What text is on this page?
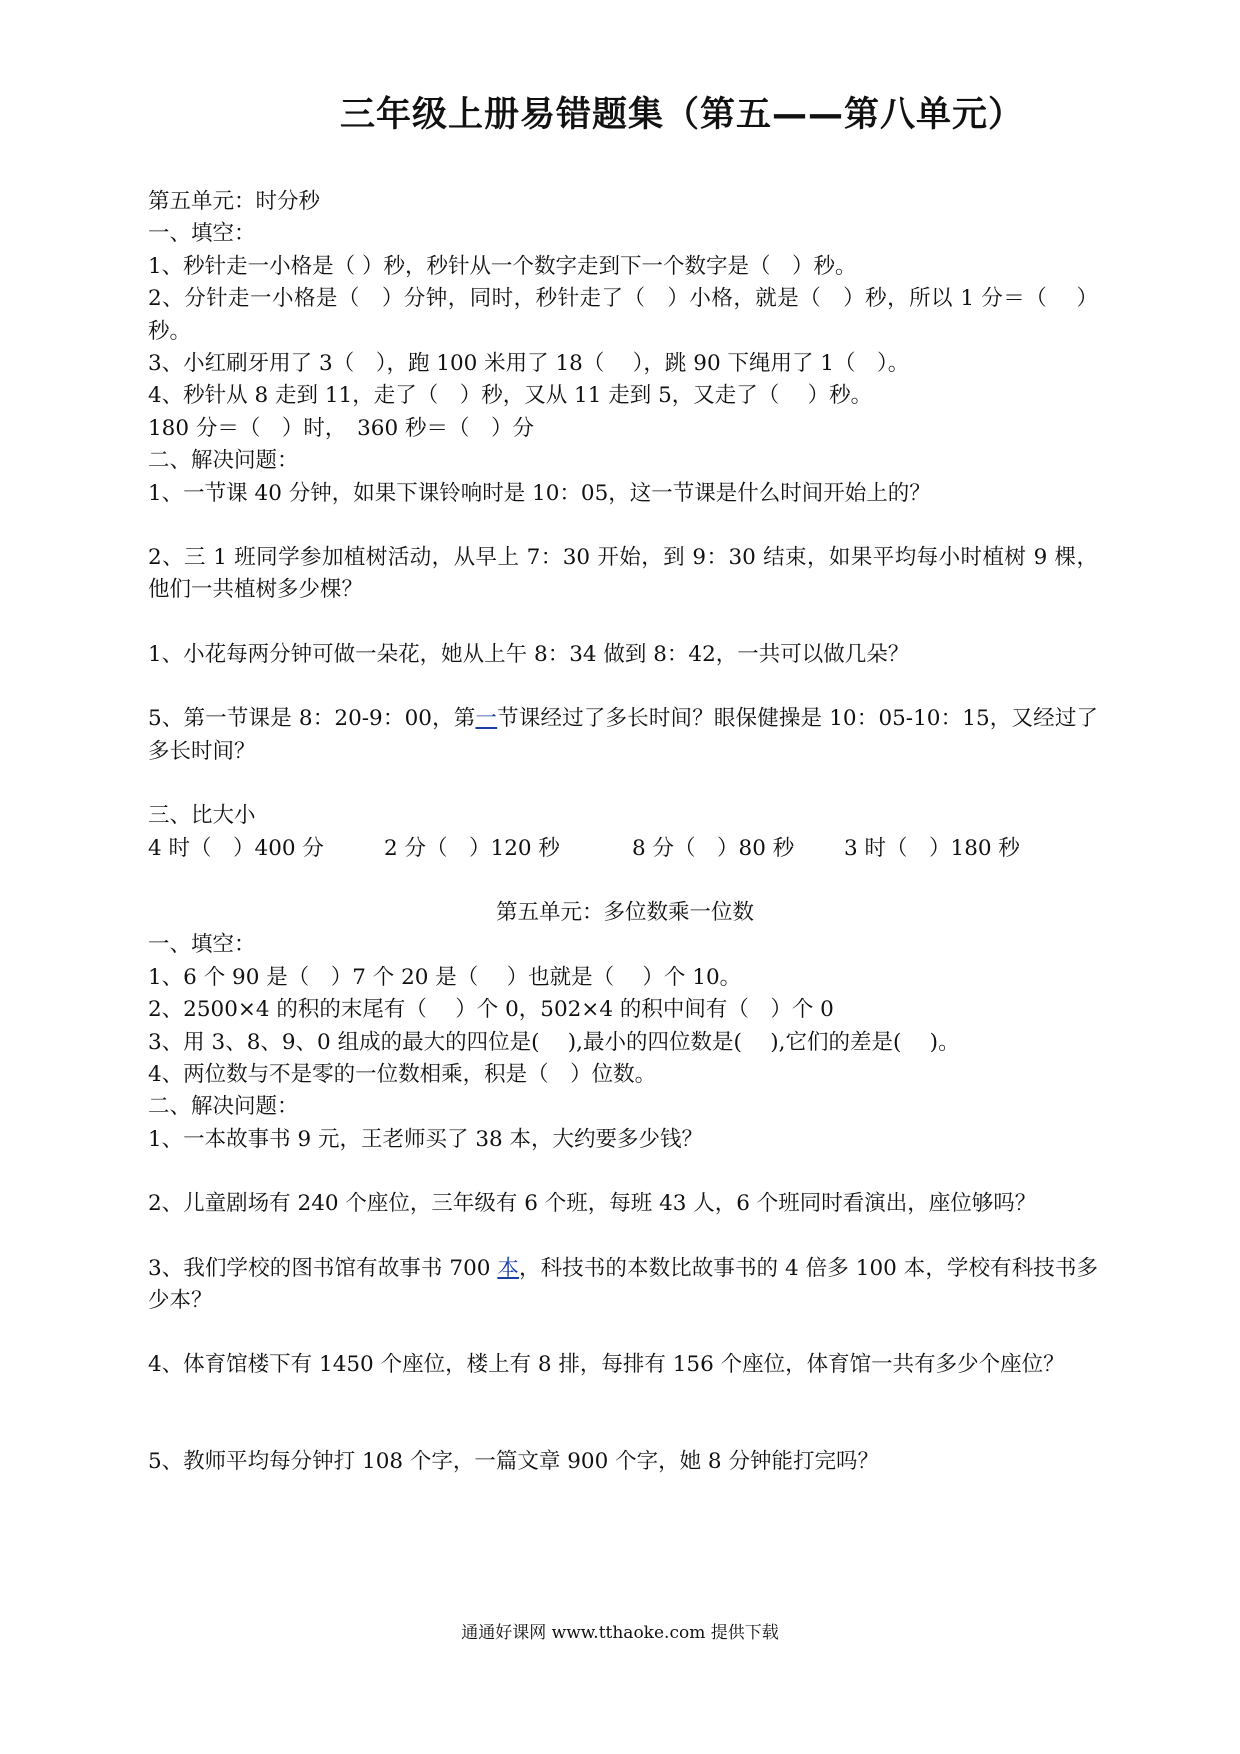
三年级上册易错题集（第五——第八单元）
第五单元：时分秒
一、填空：
1、秒针走一小格是（ ）秒，秒针从一个数字走到下一个数字是（　）秒。
2、分针走一小格是（　）分钟，同时，秒针走了（　）小格，就是（　）秒，所以 1 分＝（　 ）秒。
3、小红刷牙用了 3（　），跑 100 米用了 18（　 ），跳 90 下绳用了 1（　）。
4、秒针从 8 走到 11，走了（　）秒，又从 11 走到 5，又走了（　 ）秒。
180 分＝（　）时，　360 秒＝（　）分
二、解决问题：
1、一节课 40 分钟，如果下课铃响时是 10：05，这一节课是什么时间开始上的？
2、三 1 班同学参加植树活动，从早上 7：30 开始，到 9：30 结束，如果平均每小时植树 9 棵，他们一共植树多少棵？
1、小花每两分钟可做一朵花，她从上午 8：34 做到 8：42，一共可以做几朵？
5、第一节课是 8：20-9：00，第一节课经过了多长时间？眼保健操是 10：05-10：15，又经过了多长时间？
三、比大小
4 时（　）400 分	2 分（　）120 秒	8 分（　）80 秒 3 时（　）180 秒
第五单元：多位数乘一位数
一、填空：
1、6 个 90 是（　）7 个 20 是（　 ）也就是（　 ）个 10。
2、2500×4 的积的末尾有（　 ）个 0，502×4 的积中间有（　）个 0
3、用 3、8、9、0 组成的最大的四位是(　 ),最小的四位数是(　 ),它们的差是(　 )。
4、两位数与不是零的一位数相乘，积是（　）位数。
二、解决问题：
1、一本故事书 9 元，王老师买了 38 本，大约要多少钱？
2、儿童剧场有 240 个座位，三年级有 6 个班，每班 43 人，6 个班同时看演出，座位够吗？
3、我们学校的图书馆有故事书 700 本，科技书的本数比故事书的 4 倍多 100 本，学校有科技书多少本？
4、体育馆楼下有 1450 个座位，楼上有 8 排，每排有 156 个座位，体育馆一共有多少个座位？
5、教师平均每分钟打 108 个字，一篇文章 900 个字，她 8 分钟能打完吗？
通通好课网 www.tthaoke.com 提供下载
